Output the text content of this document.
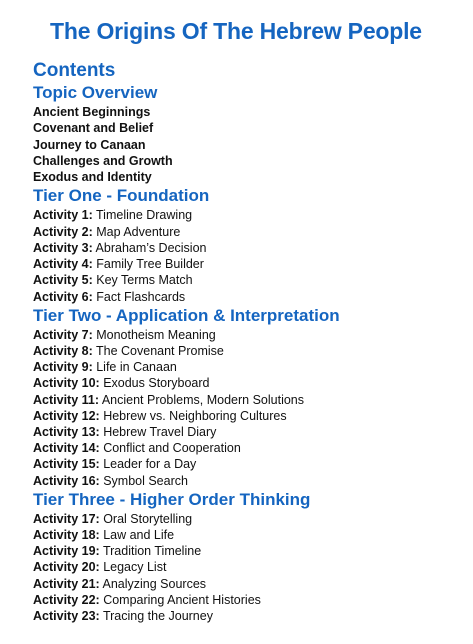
The Origins Of The Hebrew People
Contents
Topic Overview
Ancient Beginnings
Covenant and Belief
Journey to Canaan
Challenges and Growth
Exodus and Identity
Tier One - Foundation
Activity 1: Timeline Drawing
Activity 2: Map Adventure
Activity 3: Abraham’s Decision
Activity 4: Family Tree Builder
Activity 5: Key Terms Match
Activity 6: Fact Flashcards
Tier Two - Application & Interpretation
Activity 7: Monotheism Meaning
Activity 8: The Covenant Promise
Activity 9: Life in Canaan
Activity 10: Exodus Storyboard
Activity 11: Ancient Problems, Modern Solutions
Activity 12: Hebrew vs. Neighboring Cultures
Activity 13: Hebrew Travel Diary
Activity 14: Conflict and Cooperation
Activity 15: Leader for a Day
Activity 16: Symbol Search
Tier Three - Higher Order Thinking
Activity 17: Oral Storytelling
Activity 18: Law and Life
Activity 19: Tradition Timeline
Activity 20: Legacy List
Activity 21: Analyzing Sources
Activity 22: Comparing Ancient Histories
Activity 23: Tracing the Journey
